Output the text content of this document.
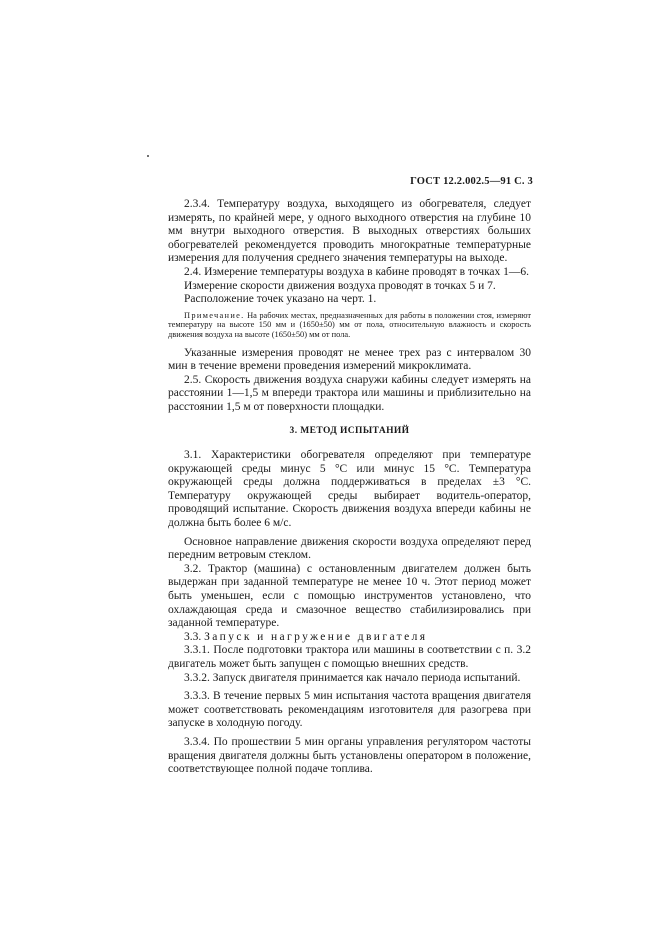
ГОСТ 12.2.002.5—91 С. 3

2.3.4. Температуру воздуха, выходящего из обогревателя, следует измерять, по крайней мере, у одного выходного отверстия на глубине 10 мм внутри выходного отверстия. В выходных отверстиях больших обогревателей рекомендуется проводить многократные температурные измерения для получения среднего значения температуры на выходе.

2.4. Измерение температуры воздуха в кабине проводят в точках 1—6.

Измерение скорости движения воздуха проводят в точках 5 и 7.

Расположение точек указано на черт. 1.

Примечание. На рабочих местах, предназначенных для работы в положении стоя, измеряют температуру на высоте 150 мм и (1650±50) мм от пола, относительную влажность и скорость движения воздуха на высоте (1650±50) мм от пола.

Указанные измерения проводят не менее трех раз с интервалом 30 мин в течение времени проведения измерений микроклимата.

2.5. Скорость движения воздуха снаружи кабины следует измерять на расстоянии 1—1,5 м впереди трактора или машины и приблизительно на расстоянии 1,5 м от поверхности площадки.

3. МЕТОД ИСПЫТАНИЙ

3.1. Характеристики обогревателя определяют при температуре окружающей среды минус 5 °С или минус 15 °С. Температура окружающей среды должна поддерживаться в пределах ±3 °С. Температуру окружающей среды выбирает водитель-оператор, проводящий испытание. Скорость движения воздуха впереди кабины не должна быть более 6 м/с.

Основное направление движения скорости воздуха определяют перед передним ветровым стеклом.

3.2. Трактор (машина) с остановленным двигателем должен быть выдержан при заданной температуре не менее 10 ч. Этот период может быть уменьшен, если с помощью инструментов установлено, что охлаждающая среда и смазочное вещество стабилизировались при заданной температуре.

3.3. Запуск и нагружение двигателя

3.3.1. После подготовки трактора или машины в соответствии с п. 3.2 двигатель может быть запущен с помощью внешних средств.

3.3.2. Запуск двигателя принимается как начало периода испытаний.

3.3.3. В течение первых 5 мин испытания частота вращения двигателя может соответствовать рекомендациям изготовителя для разогрева при запуске в холодную погоду.

3.3.4. По прошествии 5 мин органы управления регулятором частоты вращения двигателя должны быть установлены оператором в положение, соответствующее полной подаче топлива.
